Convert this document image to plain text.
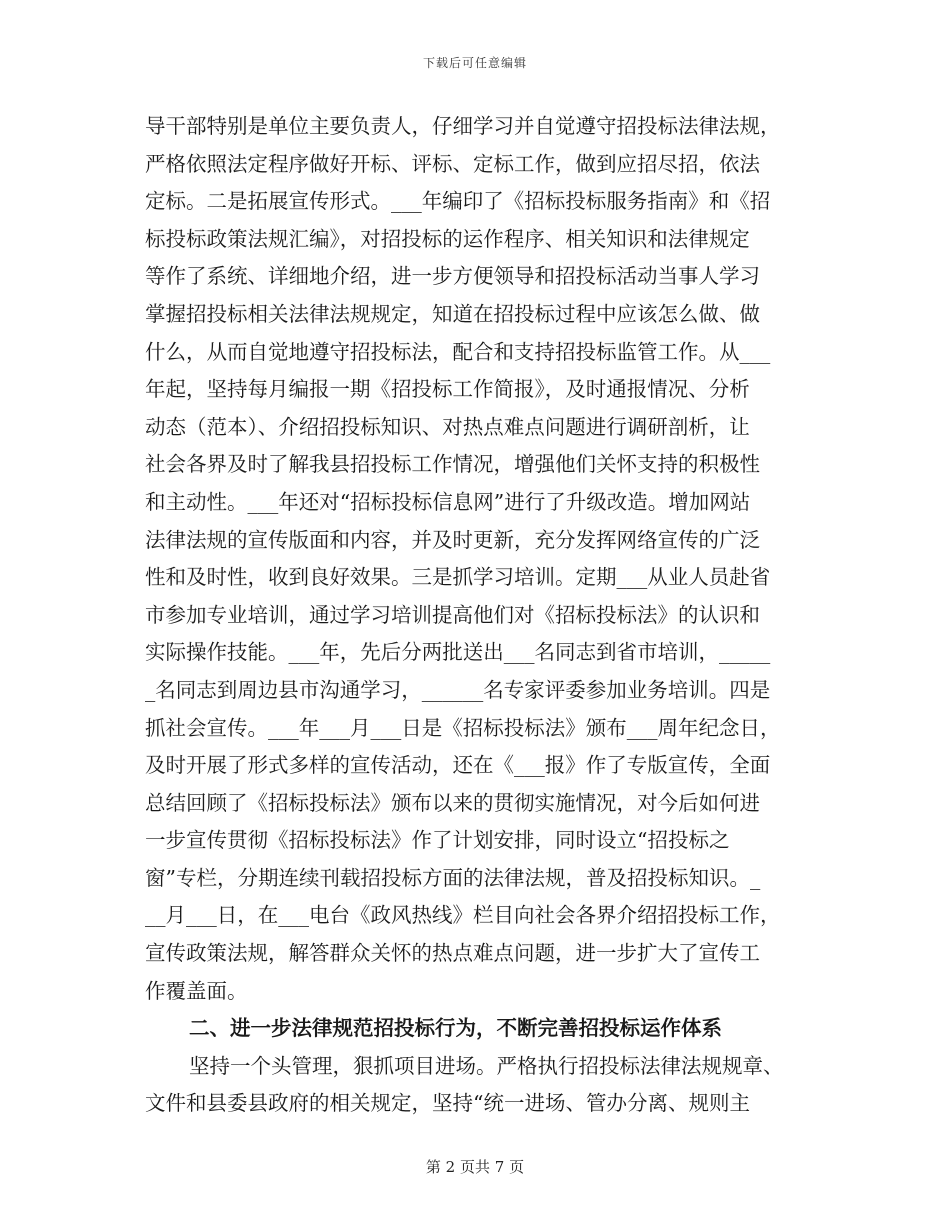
下载后可任意编辑
导干部特别是单位主要负责人，仔细学习并自觉遵守招投标法律法规，
严格依照法定程序做好开标、评标、定标工作，做到应招尽招，依法
定标。二是拓展宣传形式。___年编印了《招标投标服务指南》和《招
标投标政策法规汇编》，对招投标的运作程序、相关知识和法律规定
等作了系统、详细地介绍，进一步方便领导和招投标活动当事人学习
掌握招投标相关法律法规规定，知道在招投标过程中应该怎么做、做
什么，从而自觉地遵守招投标法，配合和支持招投标监管工作。从___
年起，坚持每月编报一期《招投标工作简报》，及时通报情况、分析
动态（范本）、介绍招投标知识、对热点难点问题进行调研剖析，让
社会各界及时了解我县招投标工作情况，增强他们关怀支持的积极性
和主动性。___年还对“招标投标信息网”进行了升级改造。增加网站
法律法规的宣传版面和内容，并及时更新，充分发挥网络宣传的广泛
性和及时性，收到良好效果。三是抓学习培训。定期___从业人员赴省
市参加专业培训，通过学习培训提高他们对《招标投标法》的认识和
实际操作技能。___年，先后分两批送出___名同志到省市培训，_____
_名同志到周边县市沟通学习，______名专家评委参加业务培训。四是
抓社会宣传。___年___月___日是《招标投标法》颁布___周年纪念日，
及时开展了形式多样的宣传活动，还在《___报》作了专版宣传，全面
总结回顾了《招标投标法》颁布以来的贯彻实施情况，对今后如何进
一步宣传贯彻《招标投标法》作了计划安排，同时设立“招投标之
窗”专栏，分期连续刊载招投标方面的法律法规，普及招投标知识。_
__月___日，在___电台《政风热线》栏目向社会各界介绍招投标工作，
宣传政策法规，解答群众关怀的热点难点问题，进一步扩大了宣传工
作覆盖面。
二、进一步法律规范招投标行为，不断完善招投标运作体系
坚持一个头管理，狠抓项目进场。严格执行招投标法律法规规章、
文件和县委县政府的相关规定，坚持“统一进场、管办分离、规则主
第 2 页共 7 页
